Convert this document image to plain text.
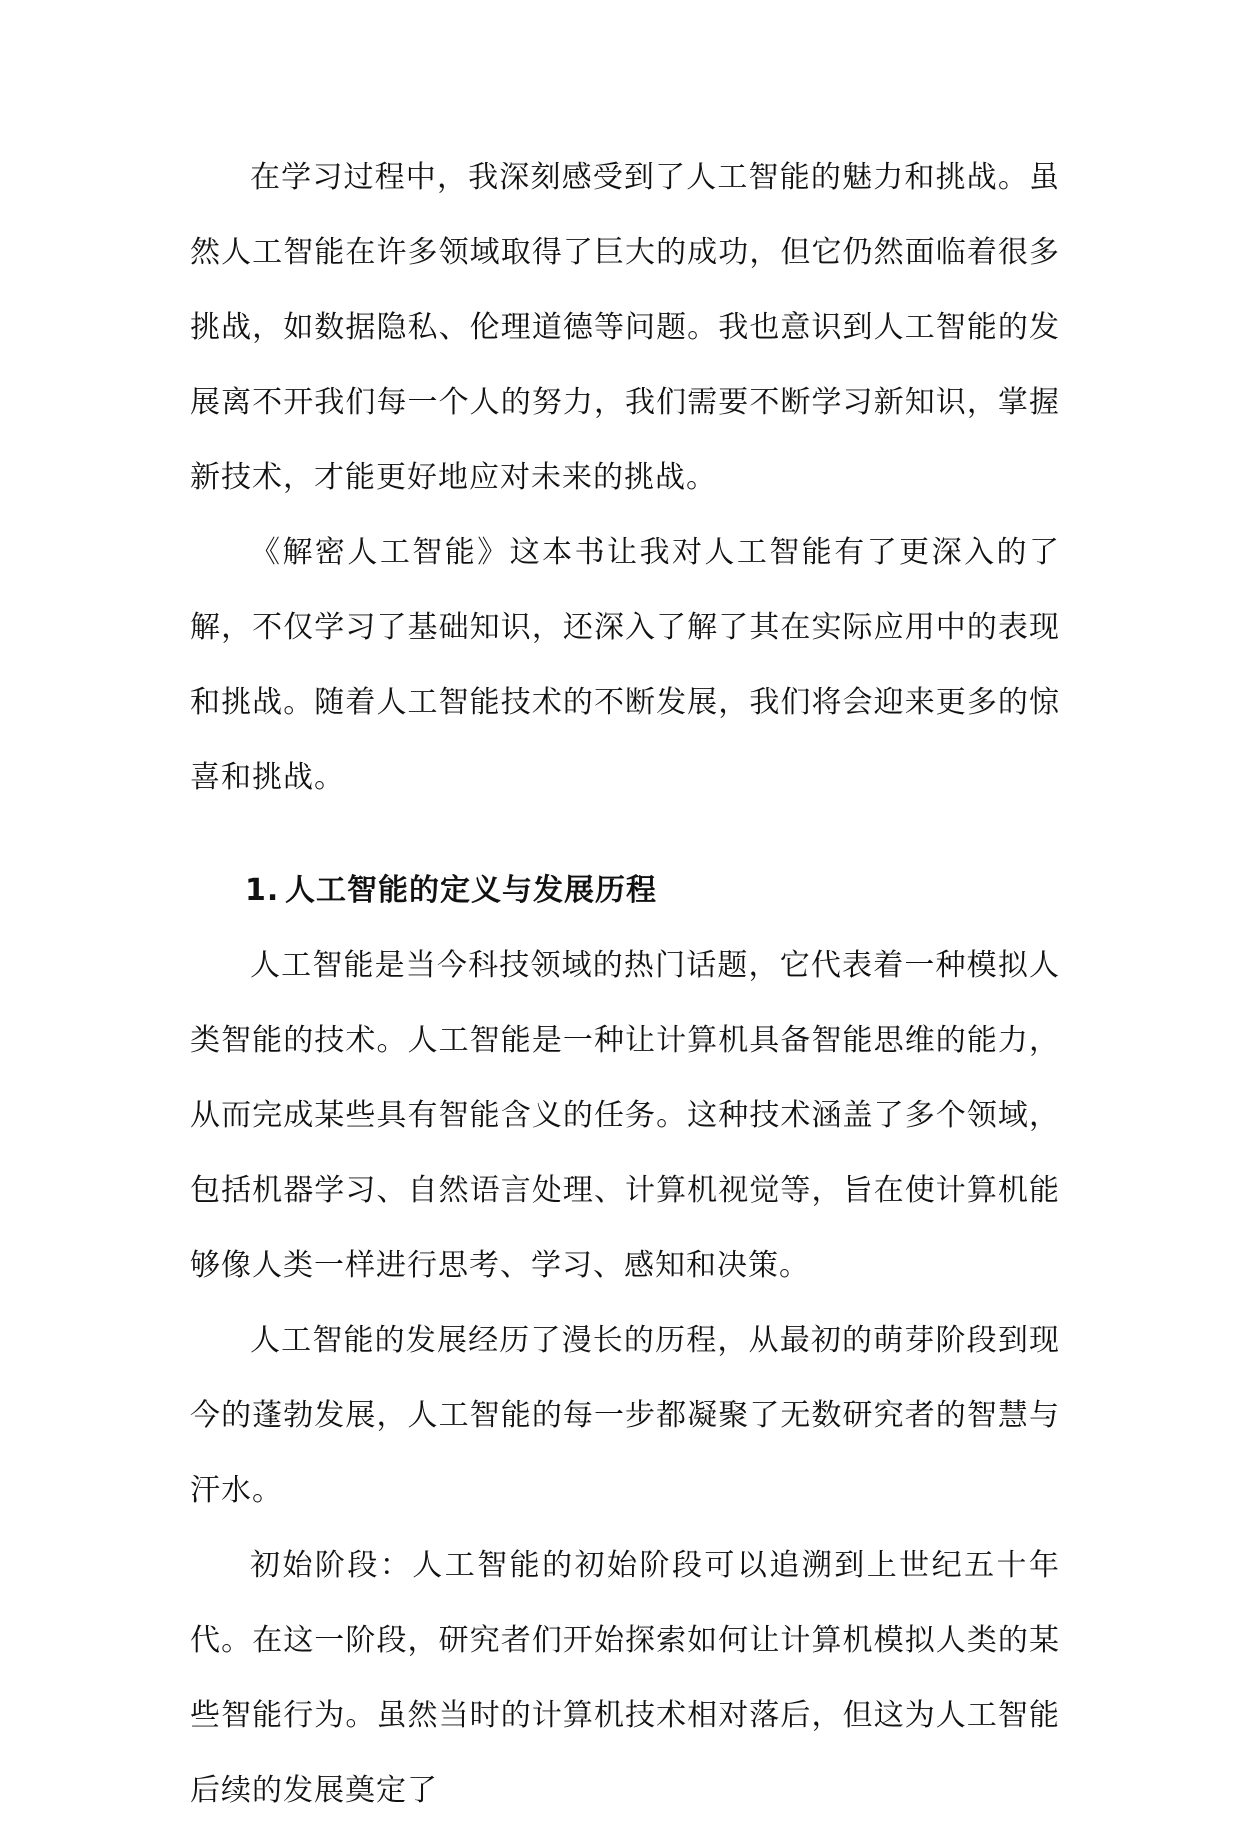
在学习过程中，我深刻感受到了人工智能的魅力和挑战。虽然人工智能在许多领域取得了巨大的成功，但它仍然面临着很多挑战，如数据隐私、伦理道德等问题。我也意识到人工智能的发展离不开我们每一个人的努力，我们需要不断学习新知识，掌握新技术，才能更好地应对未来的挑战。

《解密人工智能》这本书让我对人工智能有了更深入的了解，不仅学习了基础知识，还深入了解了其在实际应用中的表现和挑战。随着人工智能技术的不断发展，我们将会迎来更多的惊喜和挑战。

1. 人工智能的定义与发展历程

人工智能是当今科技领域的热门话题，它代表着一种模拟人类智能的技术。人工智能是一种让计算机具备智能思维的能力，从而完成某些具有智能含义的任务。这种技术涵盖了多个领域，包括机器学习、自然语言处理、计算机视觉等，旨在使计算机能够像人类一样进行思考、学习、感知和决策。

人工智能的发展经历了漫长的历程，从最初的萌芽阶段到现今的蓬勃发展，人工智能的每一步都凝聚了无数研究者的智慧与汗水。

初始阶段：人工智能的初始阶段可以追溯到上世纪五十年代。在这一阶段，研究者们开始探索如何让计算机模拟人类的某些智能行为。虽然当时的计算机技术相对落后，但这为人工智能后续的发展奠定了
